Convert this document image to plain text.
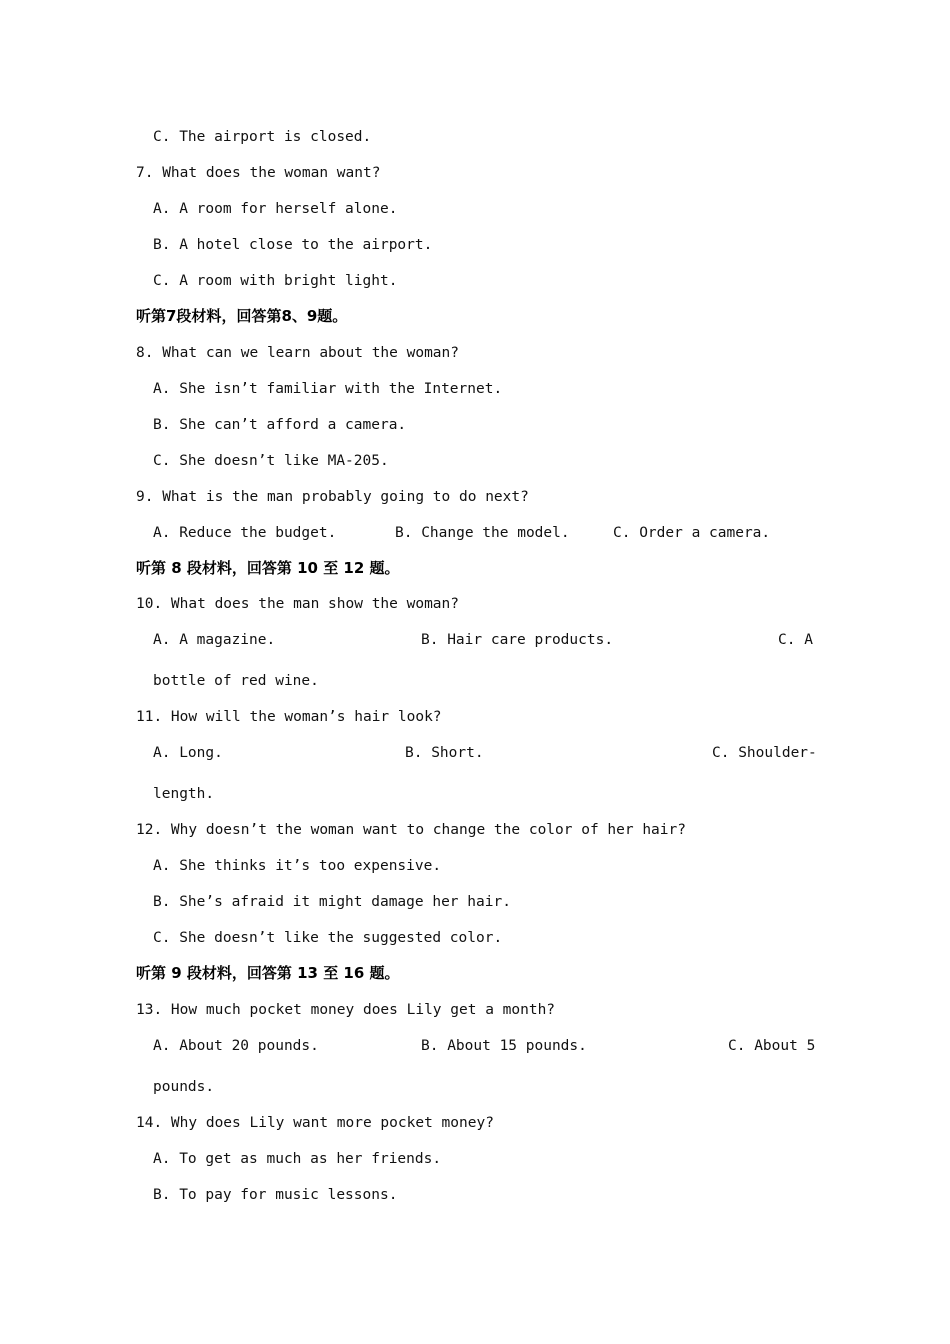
C. The airport is closed.
7. What does the woman want?
A. A room for herself alone.
B. A hotel close to the airport.
C. A room with bright light.
听第7段材料，回答第8、9题。
8. What can we learn about the woman?
A. She isn’t familiar with the Internet.
B. She can’t afford a camera.
C. She doesn’t like MA-205.
9. What is the man probably going to do next?
A. Reduce the budget.	B. Change the model.	C. Order a camera.
听第 8 段材料，回答第 10 至 12 题。
10. What does the man show the woman?
A. A magazine.	B. Hair care products.	C. A
bottle of red wine.
11. How will the woman’s hair look?
A. Long.	B. Short.	C. Shoulder-
length.
12. Why doesn’t the woman want to change the color of her hair?
A. She thinks it’s too expensive.
B. She’s afraid it might damage her hair.
C. She doesn’t like the suggested color.
听第 9 段材料，回答第 13 至 16 题。
13. How much pocket money does Lily get a month?
A. About 20 pounds.	B. About 15 pounds.	C. About 5
pounds.
14. Why does Lily want more pocket money?
A. To get as much as her friends.
B. To pay for music lessons.
